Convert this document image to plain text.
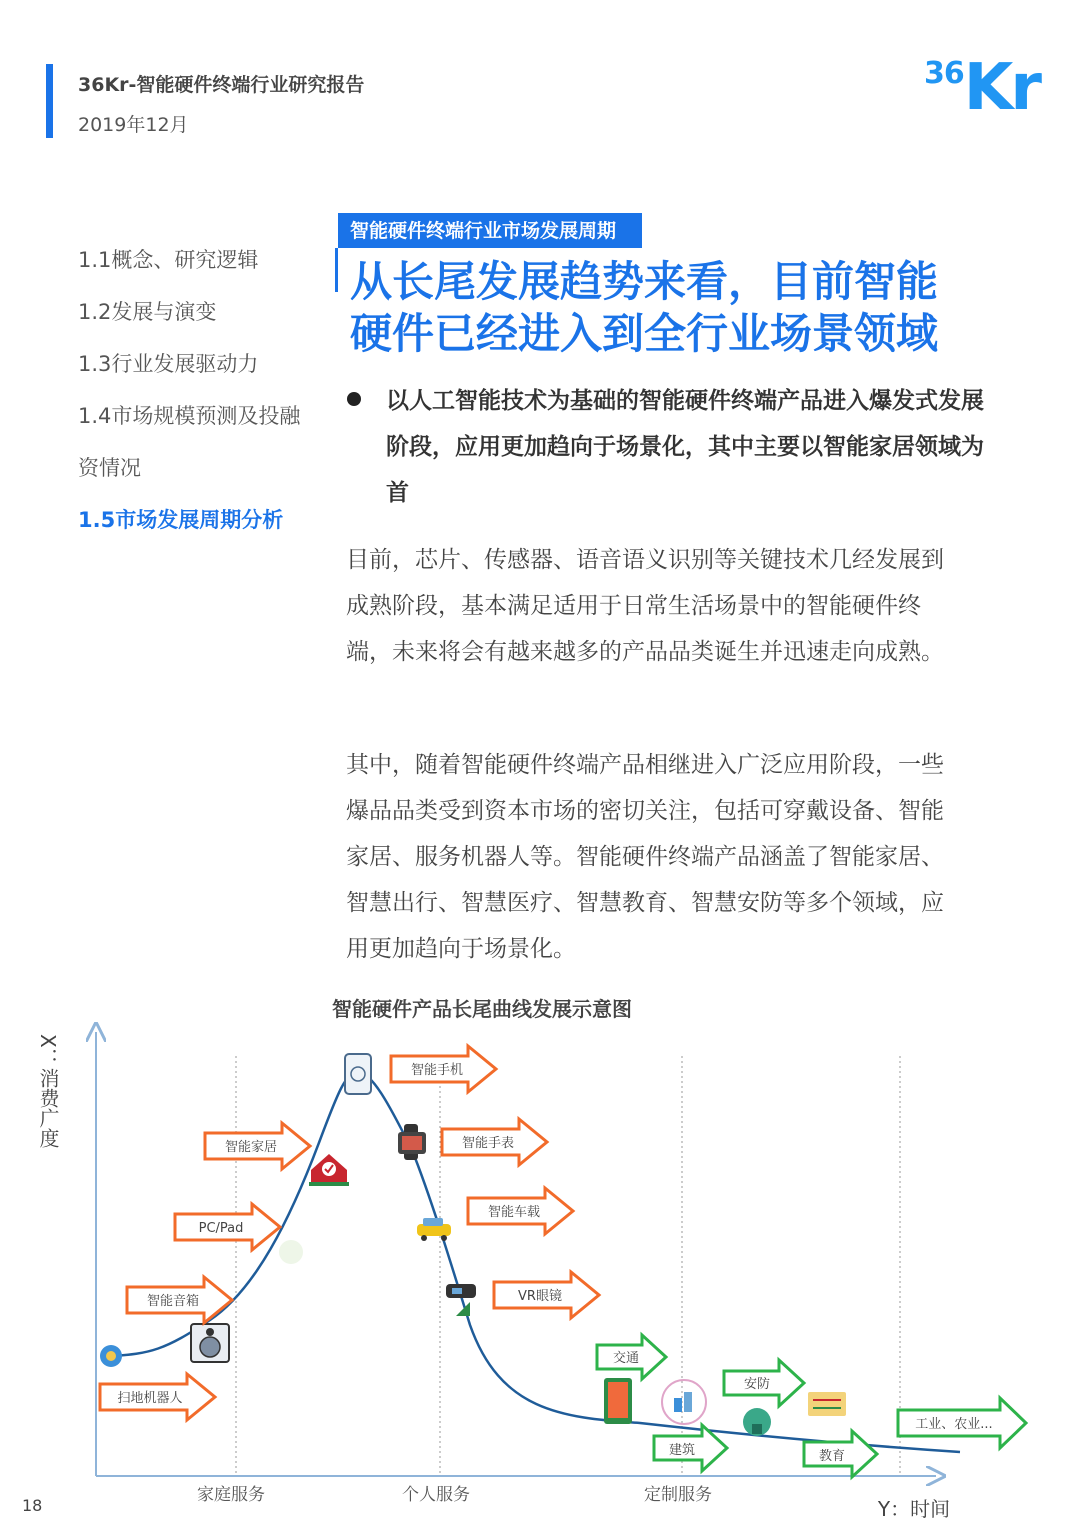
36Kr-智能硬件终端行业研究报告
2019年12月
36Kr
1.1概念、研究逻辑
1.2发展与演变
1.3行业发展驱动力
1.4市场规模预测及投融
资情况
1.5市场发展周期分析
智能硬件终端行业市场发展周期
从长尾发展趋势来看，目前智能
硬件已经进入到全行业场景领域
以人工智能技术为基础的智能硬件终端产品进入爆发式发展阶段，应用更加趋向于场景化，其中主要以智能家居领域为首
目前，芯片、传感器、语音语义识别等关键技术几经发展到成熟阶段，基本满足适用于日常生活场景中的智能硬件终端，未来将会有越来越多的产品品类诞生并迅速走向成熟。
其中，随着智能硬件终端产品相继进入广泛应用阶段，一些爆品品类受到资本市场的密切关注，包括可穿戴设备、智能家居、服务机器人等。智能硬件终端产品涵盖了智能家居、智慧出行、智慧医疗、智慧教育、智慧安防等多个领域，应用更加趋向于场景化。
智能硬件产品长尾曲线发展示意图
智能手机
智能家居	智能手表
PC/Pad
智能车载
智能音箱	VR眼镜
扫地机器人
交通
安防
工业、农业...
建筑	教育
家庭服务	个人服务	定制服务
Y：时间
X：消费广度
18
